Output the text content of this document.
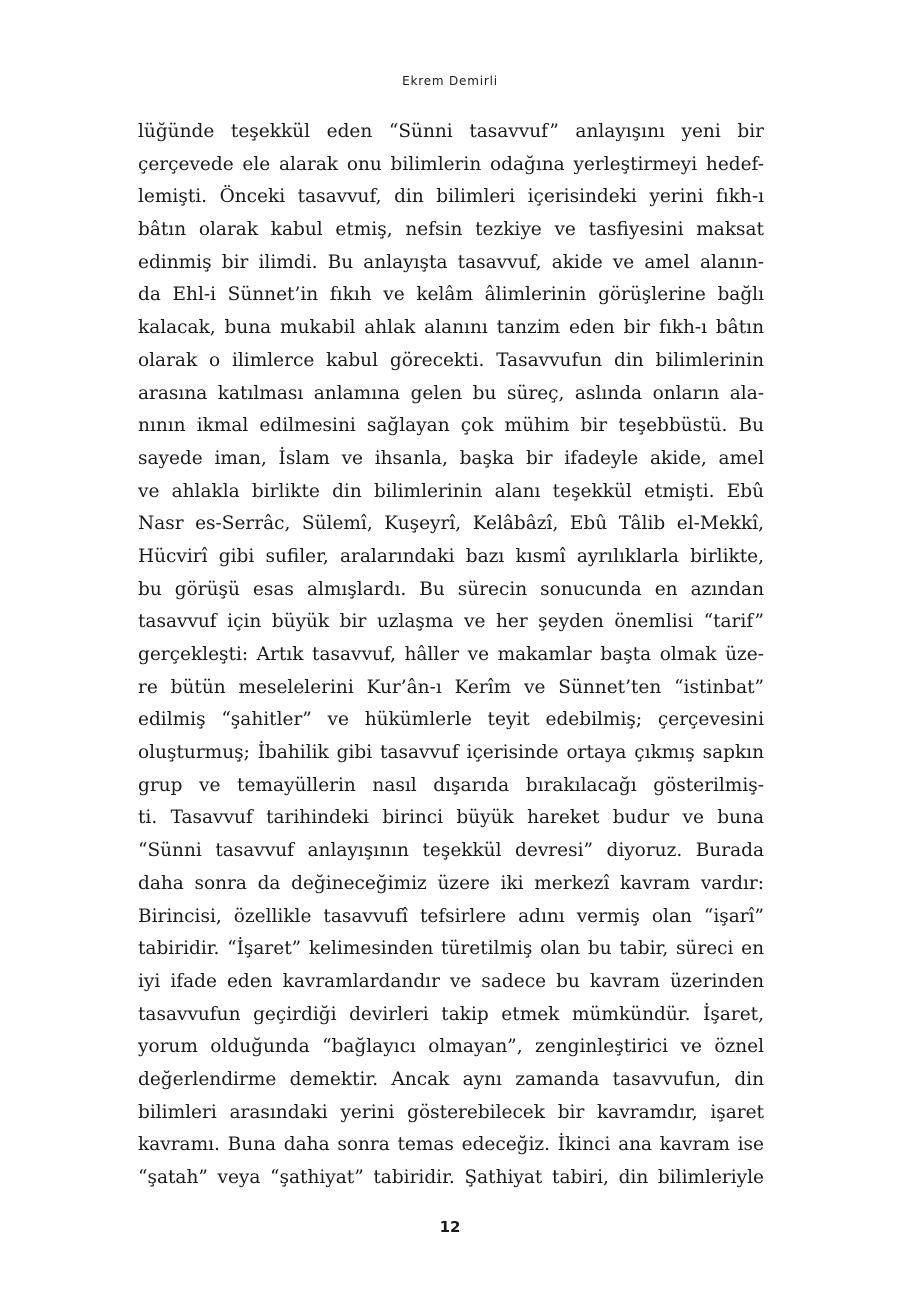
Ekrem Demirli
lüğünde teşekkül eden “Sünni tasavvuf” anlayışını yeni bir
çerçevede ele alarak onu bilimlerin odağına yerleştirmeyi hedef-
lemişti. Önceki tasavvuf, din bilimleri içerisindeki yerini fıkh-ı
bâtın olarak kabul etmiş, nefsin tezkiye ve tasfiyesini maksat
edinmiş bir ilimdi. Bu anlayışta tasavvuf, akide ve amel alanın-
da Ehl-i Sünnet’in fıkıh ve kelâm âlimlerinin görüşlerine bağlı
kalacak, buna mukabil ahlak alanını tanzim eden bir fıkh-ı bâtın
olarak o ilimlerce kabul görecekti. Tasavvufun din bilimlerinin
arasına katılması anlamına gelen bu süreç, aslında onların ala-
nının ikmal edilmesini sağlayan çok mühim bir teşebbüstü. Bu
sayede iman, İslam ve ihsanla, başka bir ifadeyle akide, amel
ve ahlakla birlikte din bilimlerinin alanı teşekkül etmişti. Ebû
Nasr es-Serrâc, Sülemî, Kuşeyrî, Kelâbâzî, Ebû Tâlib el-Mekkî,
Hücvirî gibi sufiler, aralarındaki bazı kısmî ayrılıklarla birlikte,
bu görüşü esas almışlardı. Bu sürecin sonucunda en azından
tasavvuf için büyük bir uzlaşma ve her şeyden önemlisi “tarif”
gerçekleşti: Artık tasavvuf, hâller ve makamlar başta olmak üze-
re bütün meselelerini Kur’ân-ı Kerîm ve Sünnet’ten “istinbat”
edilmiş “şahitler” ve hükümlerle teyit edebilmiş; çerçevesini
oluşturmuş; İbahilik gibi tasavvuf içerisinde ortaya çıkmış sapkın
grup ve temayüllerin nasıl dışarıda bırakılacağı gösterilmiş-
ti. Tasavvuf tarihindeki birinci büyük hareket budur ve buna
“Sünni tasavvuf anlayışının teşekkül devresi” diyoruz. Burada
daha sonra da değineceğimiz üzere iki merkezî kavram vardır:
Birincisi, özellikle tasavvufî tefsirlere adını vermiş olan “işarî”
tabiridir. “İşaret” kelimesinden türetilmiş olan bu tabir, süreci en
iyi ifade eden kavramlardandır ve sadece bu kavram üzerinden
tasavvufun geçirdiği devirleri takip etmek mümkündür. İşaret,
yorum olduğunda “bağlayıcı olmayan”, zenginleştirici ve öznel
değerlendirme demektir. Ancak aynı zamanda tasavvufun, din
bilimleri arasındaki yerini gösterebilecek bir kavramdır, işaret
kavramı. Buna daha sonra temas edeceğiz. İkinci ana kavram ise
“şatah” veya “şathiyat” tabiridir. Şathiyat tabiri, din bilimleriyle
12
